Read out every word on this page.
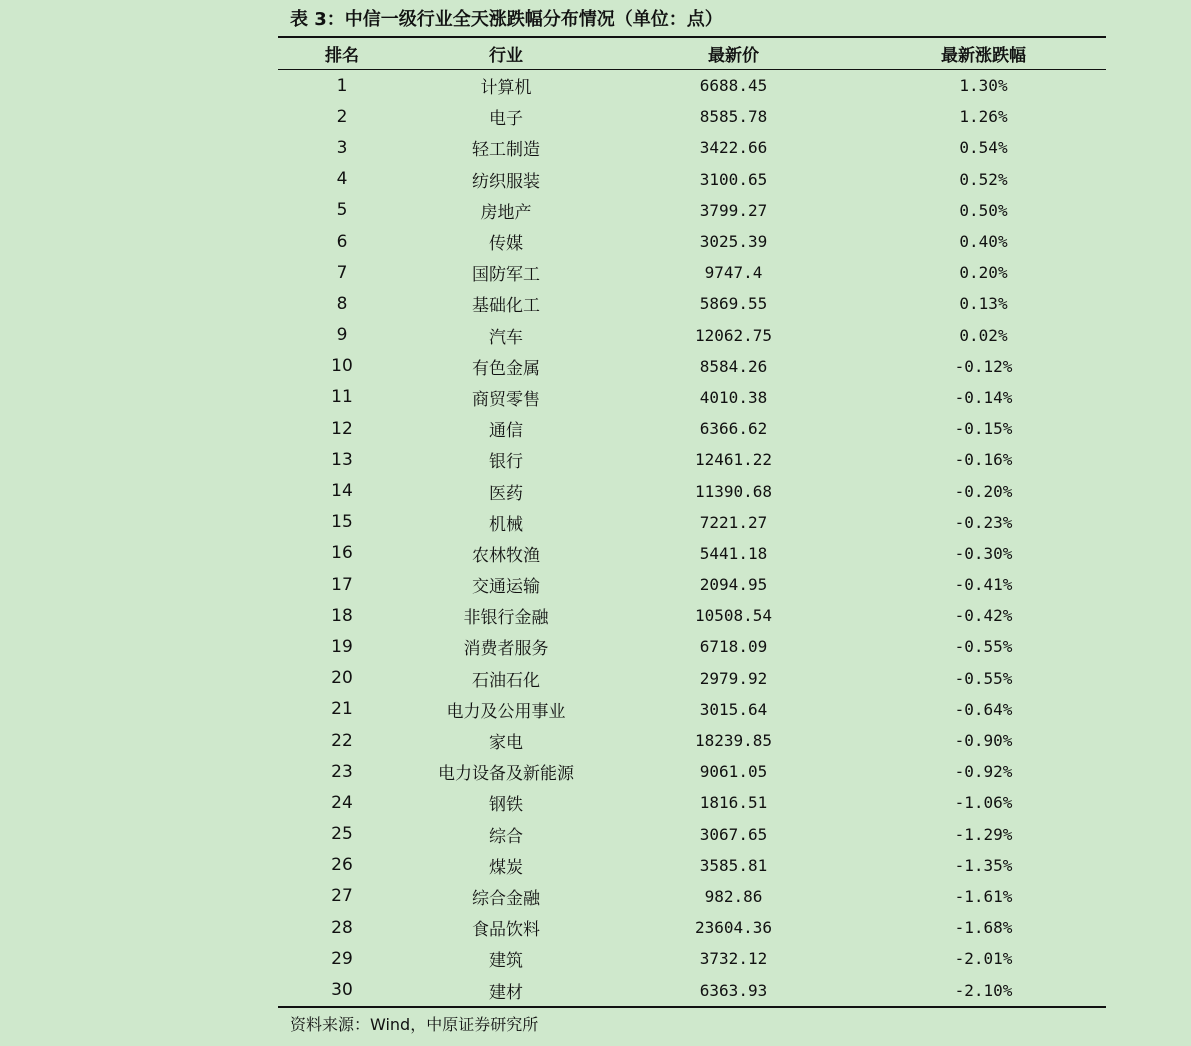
表 3：中信一级行业全天涨跌幅分布情况（单位：点）
排名	行业	最新价	最新涨跌幅
1	计算机	6688.45	1.30%
2	电子	8585.78	1.26%
3	轻工制造	3422.66	0.54%
4	纺织服装	3100.65	0.52%
5	房地产	3799.27	0.50%
6	传媒	3025.39	0.40%
7	国防军工	9747.4	0.20%
8	基础化工	5869.55	0.13%
9	汽车	12062.75	0.02%
10	有色金属	8584.26	-0.12%
11	商贸零售	4010.38	-0.14%
12	通信	6366.62	-0.15%
13	银行	12461.22	-0.16%
14	医药	11390.68	-0.20%
15	机械	7221.27	-0.23%
16	农林牧渔	5441.18	-0.30%
17	交通运输	2094.95	-0.41%
18	非银行金融	10508.54	-0.42%
19	消费者服务	6718.09	-0.55%
20	石油石化	2979.92	-0.55%
21	电力及公用事业	3015.64	-0.64%
22	家电	18239.85	-0.90%
23	电力设备及新能源	9061.05	-0.92%
24	钢铁	1816.51	-1.06%
25	综合	3067.65	-1.29%
26	煤炭	3585.81	-1.35%
27	综合金融	982.86	-1.61%
28	食品饮料	23604.36	-1.68%
29	建筑	3732.12	-2.01%
30	建材	6363.93	-2.10%
资料来源：Wind，中原证券研究所
